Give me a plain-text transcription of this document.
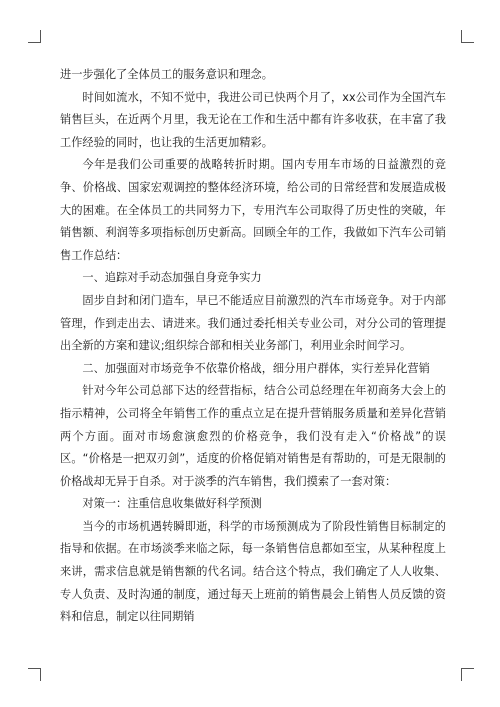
进一步强化了全体员工的服务意识和理念。

时间如流水，不知不觉中，我进公司已快两个月了，xx公司作为全国汽车销售巨头，在近两个月里，我无论在工作和生活中都有许多收获，在丰富了我工作经验的同时，也让我的生活更加精彩。

今年是我们公司重要的战略转折时期。国内专用车市场的日益激烈的竞争、价格战、国家宏观调控的整体经济环境，给公司的日常经营和发展造成极大的困难。在全体员工的共同努力下，专用汽车公司取得了历史性的突破，年销售额、利润等多项指标创历史新高。回顾全年的工作，我做如下汽车公司销售工作总结：

一、追踪对手动态加强自身竞争实力

固步自封和闭门造车，早已不能适应目前激烈的汽车市场竞争。对于内部管理，作到走出去、请进来。我们通过委托相关专业公司，对分公司的管理提出全新的方案和建议;组织综合部和相关业务部门，利用业余时间学习。

二、加强面对市场竞争不依靠价格战，细分用户群体，实行差异化营销

针对今年公司总部下达的经营指标，结合公司总经理在年初商务大会上的指示精神，公司将全年销售工作的重点立足在提升营销服务质量和差异化营销两个方面。面对市场愈演愈烈的价格竞争，我们没有走入“价格战”的误区。“价格是一把双刃剑”，适度的价格促销对销售是有帮助的，可是无限制的价格战却无异于自杀。对于淡季的汽车销售，我们摸索了一套对策：

对策一：注重信息收集做好科学预测

当今的市场机遇转瞬即逝，科学的市场预测成为了阶段性销售目标制定的指导和依据。在市场淡季来临之际，每一条销售信息都如至宝，从某种程度上来讲，需求信息就是销售额的代名词。结合这个特点，我们确定了人人收集、专人负责、及时沟通的制度，通过每天上班前的销售晨会上销售人员反馈的资料和信息，制定以往同期销
